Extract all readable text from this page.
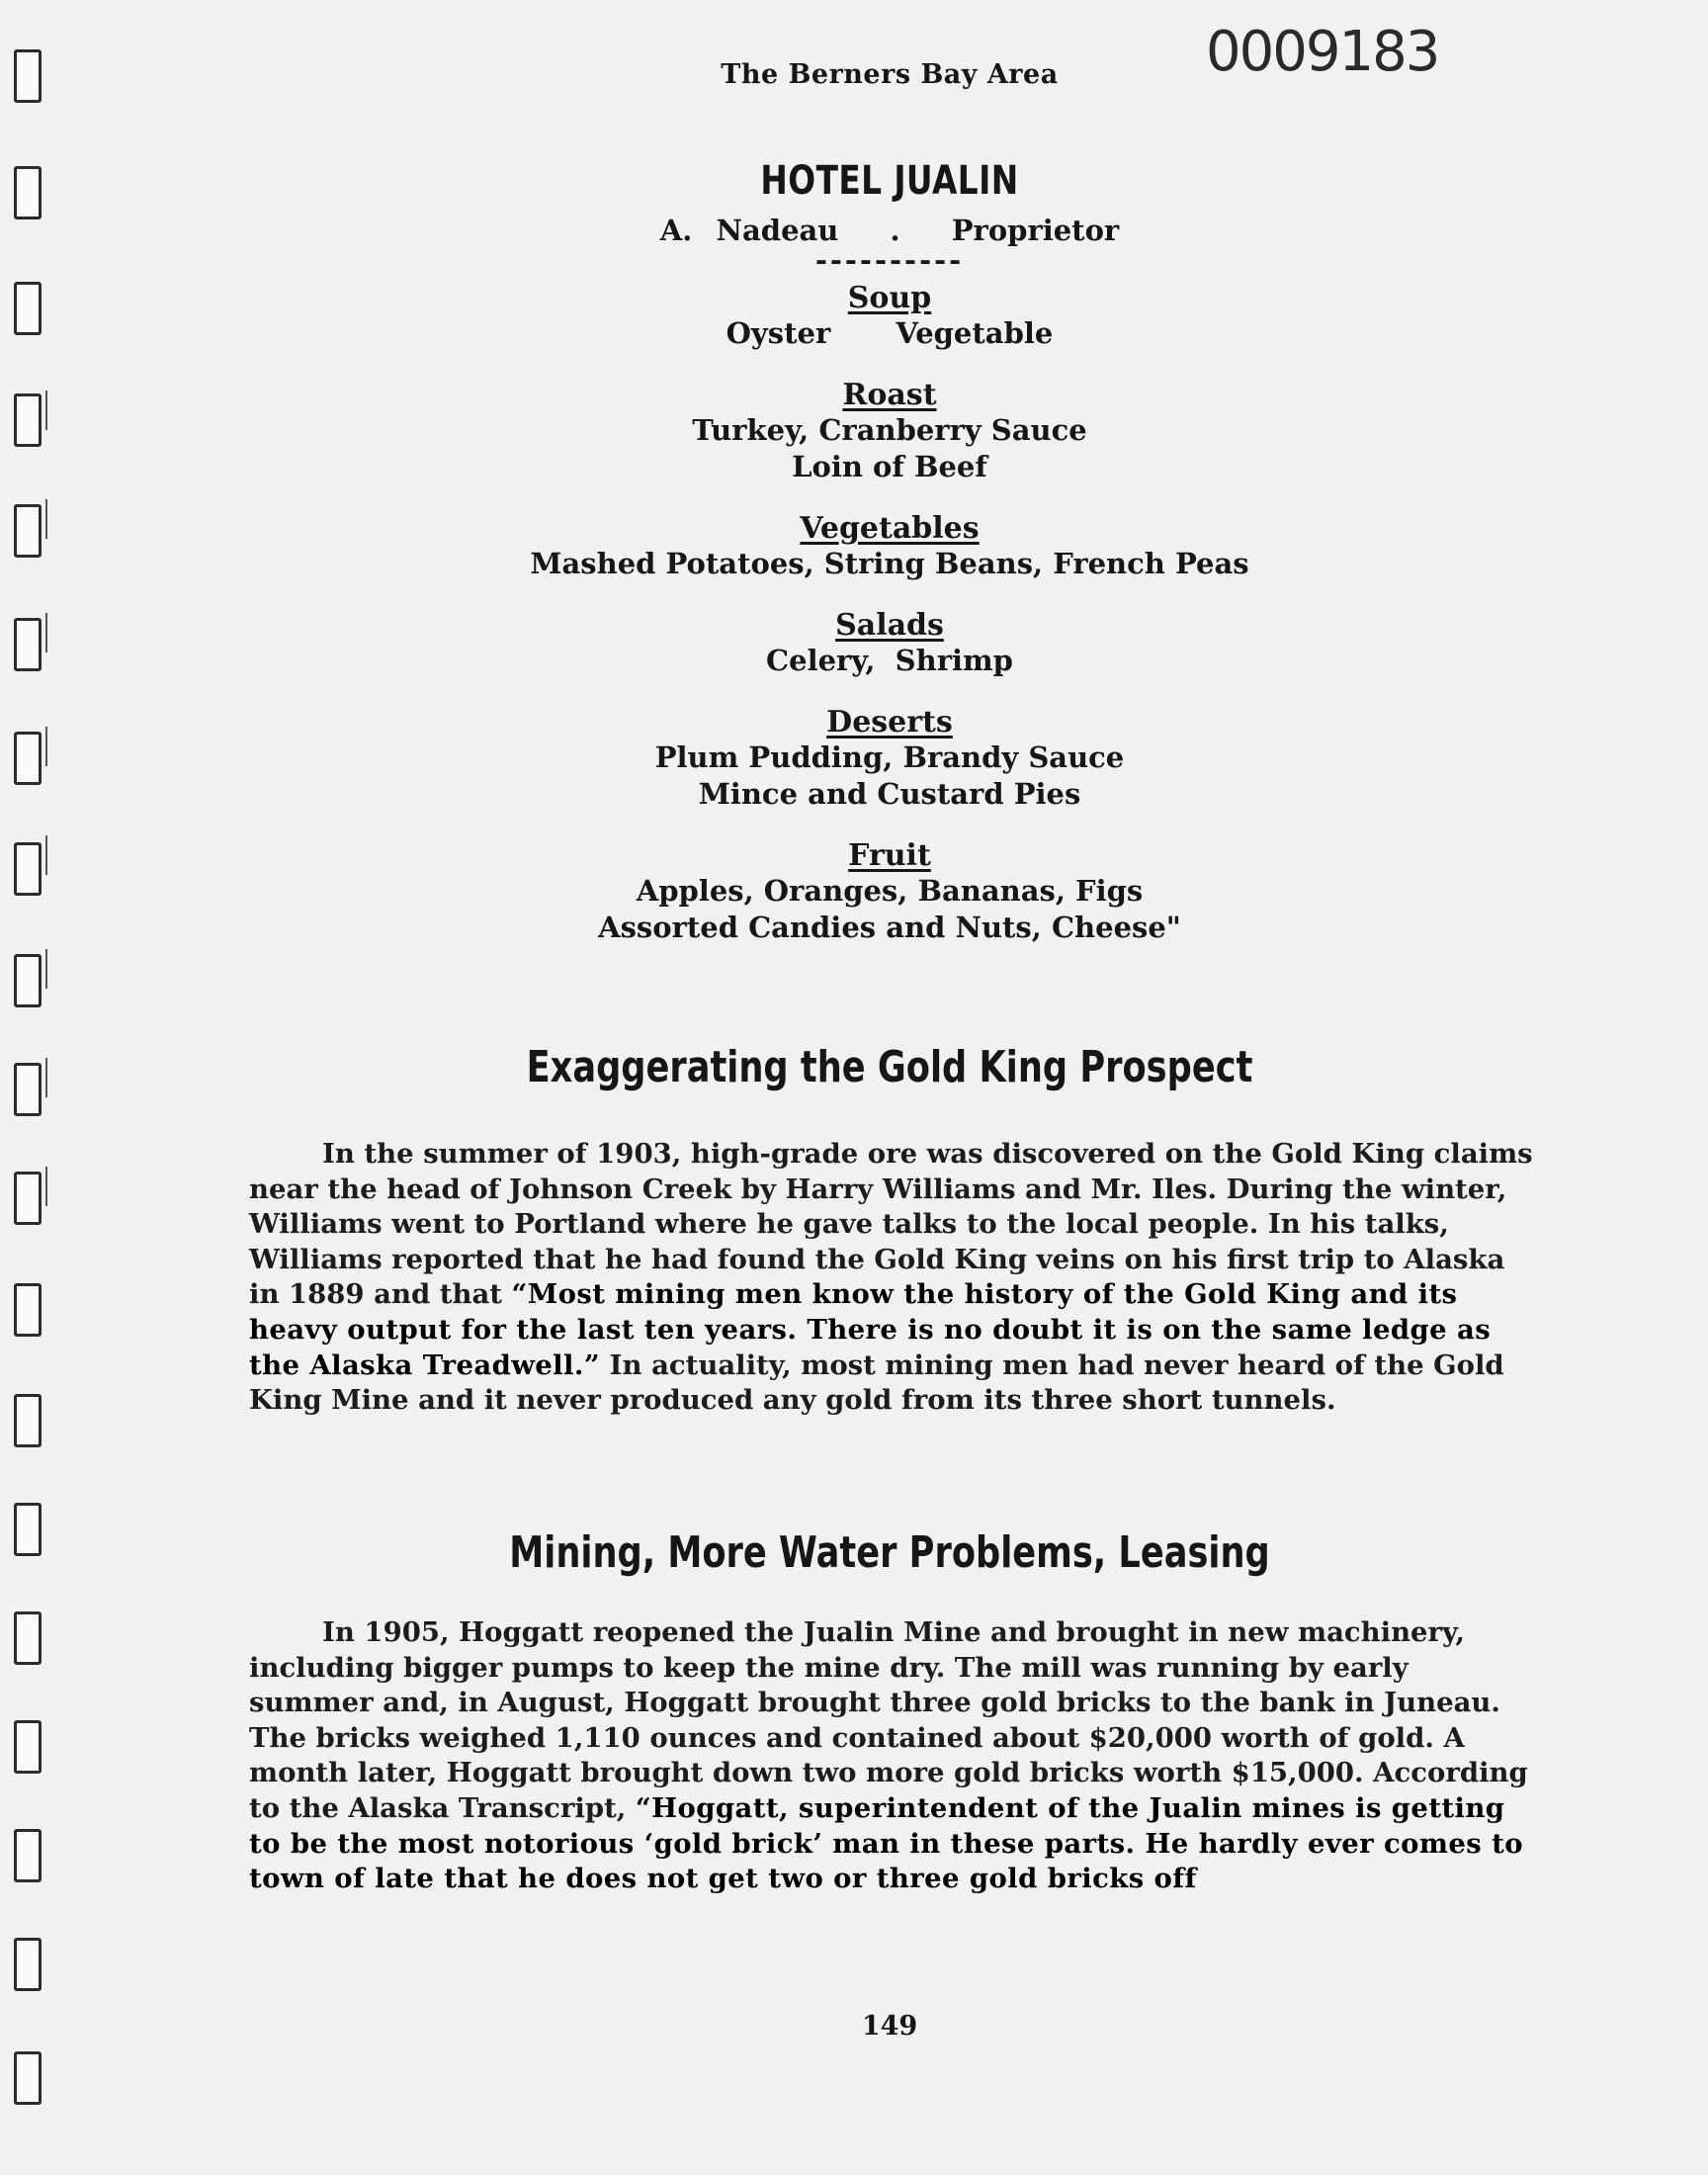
0009183
The Berners Bay Area
HOTEL JUALIN
A. Nadeau . Proprietor
----------
Soup
Oyster Vegetable
Roast
Turkey, Cranberry Sauce
Loin of Beef
Vegetables
Mashed Potatoes, String Beans, French Peas
Salads
Celery,  Shrimp
Deserts
Plum Pudding, Brandy Sauce
Mince and Custard Pies
Fruit
Apples, Oranges, Bananas, Figs
Assorted Candies and Nuts, Cheese"
Exaggerating the Gold King Prospect
In the summer of 1903, high-grade ore was discovered on the Gold King claims near the head of Johnson Creek by Harry Williams and Mr. Iles. During the winter, Williams went to Portland where he gave talks to the local people. In his talks, Williams reported that he had found the Gold King veins on his first trip to Alaska in 1889 and that “Most mining men know the history of the Gold King and its heavy output for the last ten years. There is no doubt it is on the same ledge as the Alaska Treadwell.” In actuality, most mining men had never heard of the Gold King Mine and it never produced any gold from its three short tunnels.
Mining, More Water Problems, Leasing
In 1905, Hoggatt reopened the Jualin Mine and brought in new machinery, including bigger pumps to keep the mine dry. The mill was running by early summer and, in August, Hoggatt brought three gold bricks to the bank in Juneau. The bricks weighed 1,110 ounces and contained about $20,000 worth of gold. A month later, Hoggatt brought down two more gold bricks worth $15,000. According to the Alaska Transcript, “Hoggatt, superintendent of the Jualin mines is getting to be the most notorious ‘gold brick’ man in these parts. He hardly ever comes to town of late that he does not get two or three gold bricks off
149
